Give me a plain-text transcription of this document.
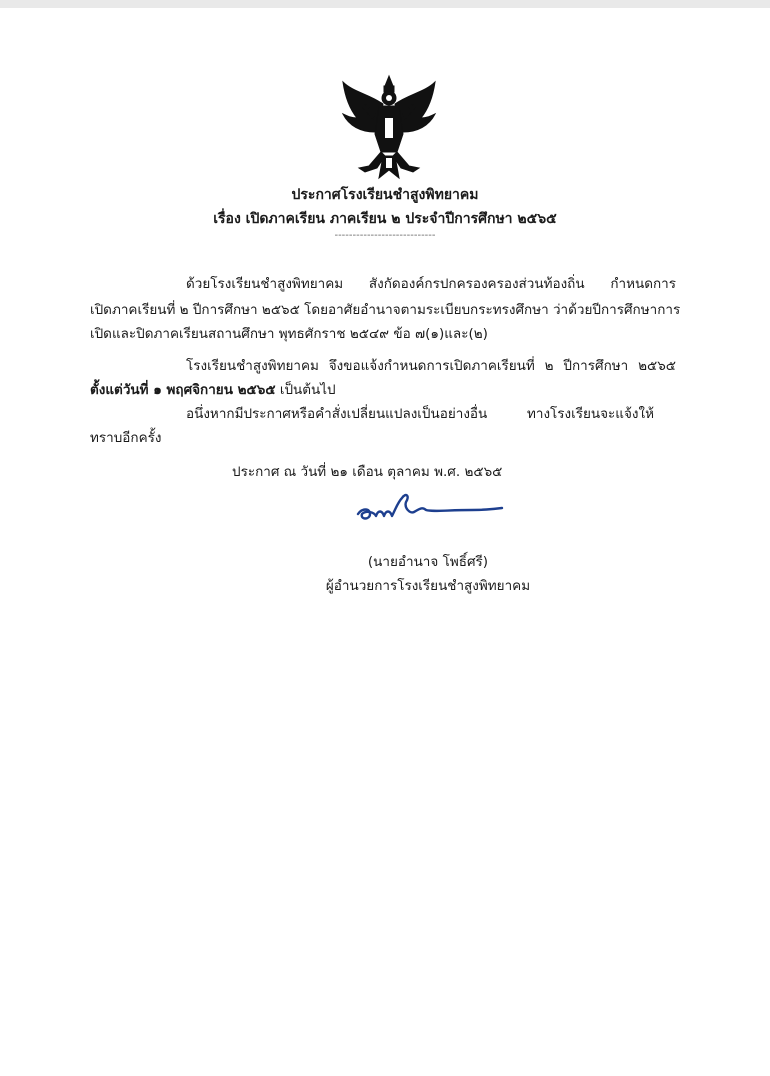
ประกาศโรงเรียนชำสูงพิทยาคม
เรื่อง เปิดภาคเรียน ภาคเรียน ๒ ประจำปีการศึกษา ๒๕๖๕
----------------------------
ด้วยโรงเรียนชำสูงพิทยาคม สังกัดองค์กรปกครองครองส่วนท้องถิ่น กำหนดการ
เปิดภาคเรียนที่ ๒ ปีการศึกษา ๒๕๖๕ โดยอาศัยอำนาจตามระเบียบกระทรงศึกษา ว่าด้วยปีการศึกษาการ
เปิดและปิดภาคเรียนสถานศึกษา พุทธศักราช ๒๕๔๙ ข้อ ๗(๑)และ(๒)
โรงเรียนชำสูงพิทยาคม จึงขอแจ้งกำหนดการเปิดภาคเรียนที่ ๒ ปีการศึกษา ๒๕๖๕
ตั้งแต่วันที่ ๑ พฤศจิกายน ๒๕๖๕ เป็นต้นไป
อนึ่งหากมีประกาศหรือคำสั่งเปลี่ยนแปลงเป็นอย่างอื่น ทางโรงเรียนจะแจ้งให้
ทราบอีกครั้ง
ประกาศ ณ วันที่ ๒๑ เดือน ตุลาคม พ.ศ. ๒๕๖๕
(นายอำนาจ โพธิ์ศรี)
ผู้อำนวยการโรงเรียนชำสูงพิทยาคม
